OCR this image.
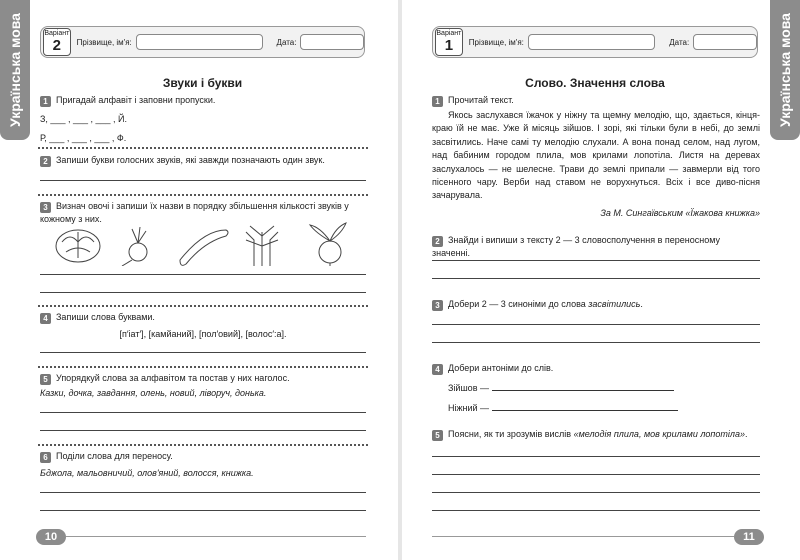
Українська мова	Варіант
2	Прізвище, ім'я:	Дата:
Звуки і букви
1 Пригадай алфавіт і заповни пропуски.
З, ___ , ___ , ___ , Й.
Р, ___ , ___ , ___ , Ф.
2 Запиши букви голосних звуків, які завжди позначають один звук.
3 Визнач овочі і запиши їх назви в порядку збільшення кількості звуків у кожному з них.
4 Запиши слова буквами.
[п′іат′], [камйаний], [пол′овий], [волос′:а].
5 Упорядкуй слова за алфавітом та постав у них наголос.
Казки, дочка, завдання, олень, новий, ліворуч, донька.
6 Поділи слова для переносу.
Бджола, мальовничий, олов'яний, волосся, книжка.
10
Українська мова
Варіант
1	Прізвище, ім'я:	Дата:
Слово. Значення слова
1 Прочитай текст.
Якось заслухався їжачок у ніжну та щемну мелодію, що, здається, кінця-краю їй не має. Уже й місяць зійшов. І зорі, які тільки були в небі, до землі засвітились. Наче самі ту мелодію слухали. А вона понад селом, над лугом, над бабиним городом плила, мов крилами лопотіла. Листя на деревах заслухалось — не шелесне. Трави до землі припали — завмерли від того пісенного чару. Верби над ставом не ворухнуться. Всіх і все диво-пісня зачарувала.
За М. Сингаївським «Їжакова книжка»
2 Знайди і випиши з тексту 2 — 3 словосполучення в переносному значенні.
3 Добери 2 — 3 синоніми до слова засвітились.
4 Добери антоніми до слів.
Зійшов —
Ніжний —
5 Поясни, як ти зрозумів вислів «мелодія плила, мов крилами лопотіла».
11
